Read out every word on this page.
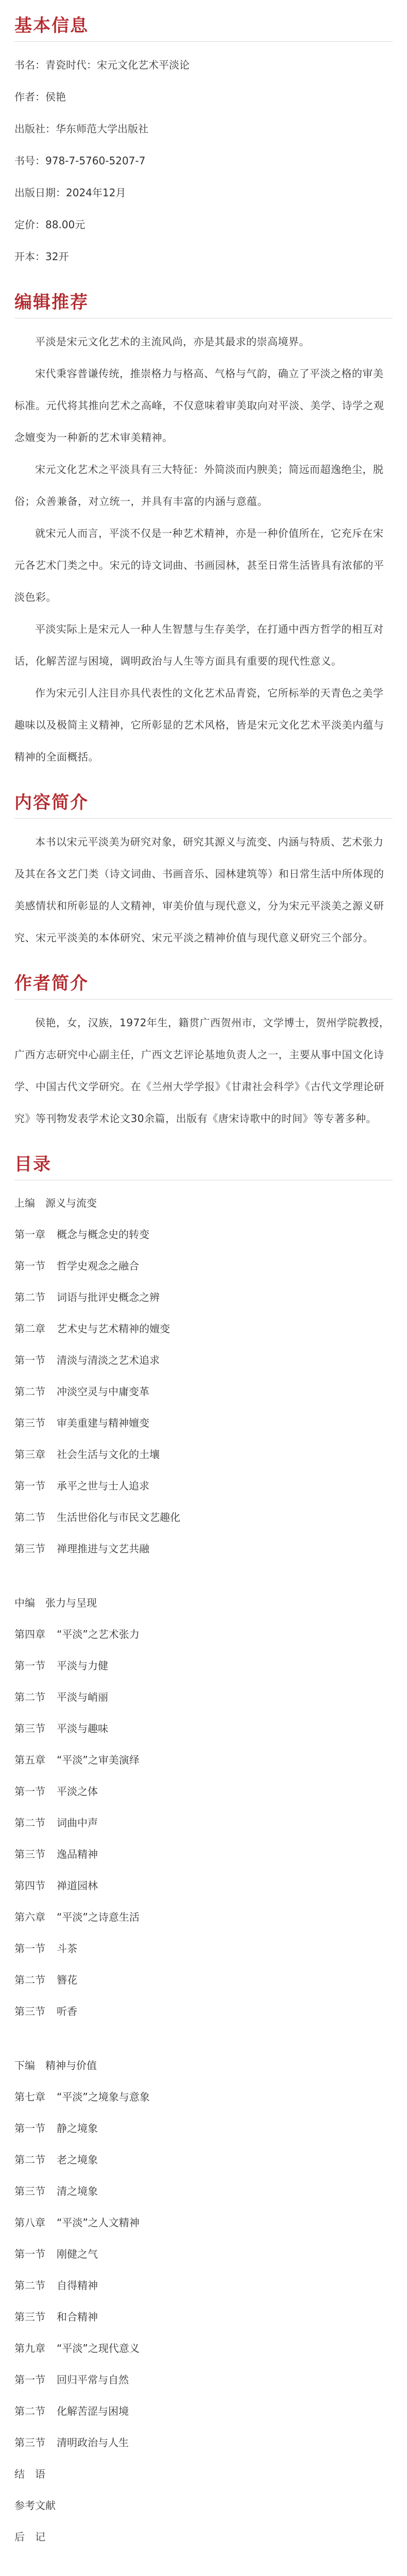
基本信息

书名：青瓷时代：宋元文化艺术平淡论

作者：侯艳

出版社：华东师范大学出版社

书号：978-7-5760-5207-7

出版日期：2024年12月

定价：88.00元

开本：32开

编辑推荐

平淡是宋元文化艺术的主流风尚，亦是其最求的崇高境界。

宋代秉容普谦传统，推崇格力与格高、气格与气韵，确立了平淡之格的审美标准。元代将其推向艺术之高峰，不仅意味着审美取向对平淡、美学、诗学之观念嬗变为一种新的艺术审美精神。

宋元文化艺术之平淡具有三大特征：外简淡而内腴美；简远而超逸绝尘，脱俗；众善兼备，对立统一，并具有丰富的内涵与意蕴。

就宋元人而言，平淡不仅是一种艺术精神，亦是一种价值所在，它充斥在宋元各艺术门类之中。宋元的诗文词曲、书画园林，甚至日常生活皆具有浓郁的平淡色彩。

平淡实际上是宋元人一种人生智慧与生存美学，在打通中西方哲学的相互对话，化解苦涩与困境，调明政治与人生等方面具有重要的现代性意义。

作为宋元引人注目亦具代表性的文化艺术品青瓷，它所标举的天青色之美学趣味以及极简主义精神，它所彰显的艺术风格，皆是宋元文化艺术平淡美内蕴与精神的全面概括。

内容简介

本书以宋元平淡美为研究对象，研究其源义与流变、内涵与特质、艺术张力及其在各文艺门类（诗文词曲、书画音乐、园林建筑等）和日常生活中所体现的美感情状和所彰显的人文精神，审美价值与现代意义，分为宋元平淡美之源义研究、宋元平淡美的本体研究、宋元平淡之精神价值与现代意义研究三个部分。

作者简介

侯艳，女，汉族，1972年生，籍贯广西贺州市，文学博士，贺州学院教授，广西方志研究中心副主任，广西文艺评论基地负责人之一，主要从事中国文化诗学、中国古代文学研究。在《兰州大学学报》《甘肃社会科学》《古代文学理论研究》等刊物发表学术论文30余篇，出版有《唐宋诗歌中的时间》等专著多种。

目录

上编　源义与流变

第一章 概念与概念史的转变

第一节 哲学史观念之融合

第二节 词语与批评史概念之辨

第二章 艺术史与艺术精神的嬗变

第一节 清淡与清淡之艺术追求

第二节 冲淡空灵与中庸变革

第三节 审美重建与精神嬗变

第三章 社会生活与文化的土壤

第一节 承平之世与士人追求

第二节 生活世俗化与市民文艺趣化

第三节 禅理推进与文艺共融

中编　张力与呈现

第四章 “平淡”之艺术张力

第一节 平淡与力健

第二节 平淡与峭丽

第三节 平淡与趣味

第五章 “平淡”之审美演绎

第一节 平淡之体

第二节 词曲中声

第三节 逸品精神

第四节 禅道园林

第六章 “平淡”之诗意生活

第一节 斗茶

第二节 簪花

第三节 听香

下编　精神与价值

第七章 “平淡”之境象与意象

第一节 静之境象

第二节 老之境象

第三节 清之境象

第八章 “平淡”之人文精神

第一节 刚健之气

第二节 自得精神

第三节 和合精神

第九章 “平淡”之现代意义

第一节 回归平常与自然

第二节 化解苦涩与困境

第三节 清明政治与人生

结　语

参考文献

后　记
